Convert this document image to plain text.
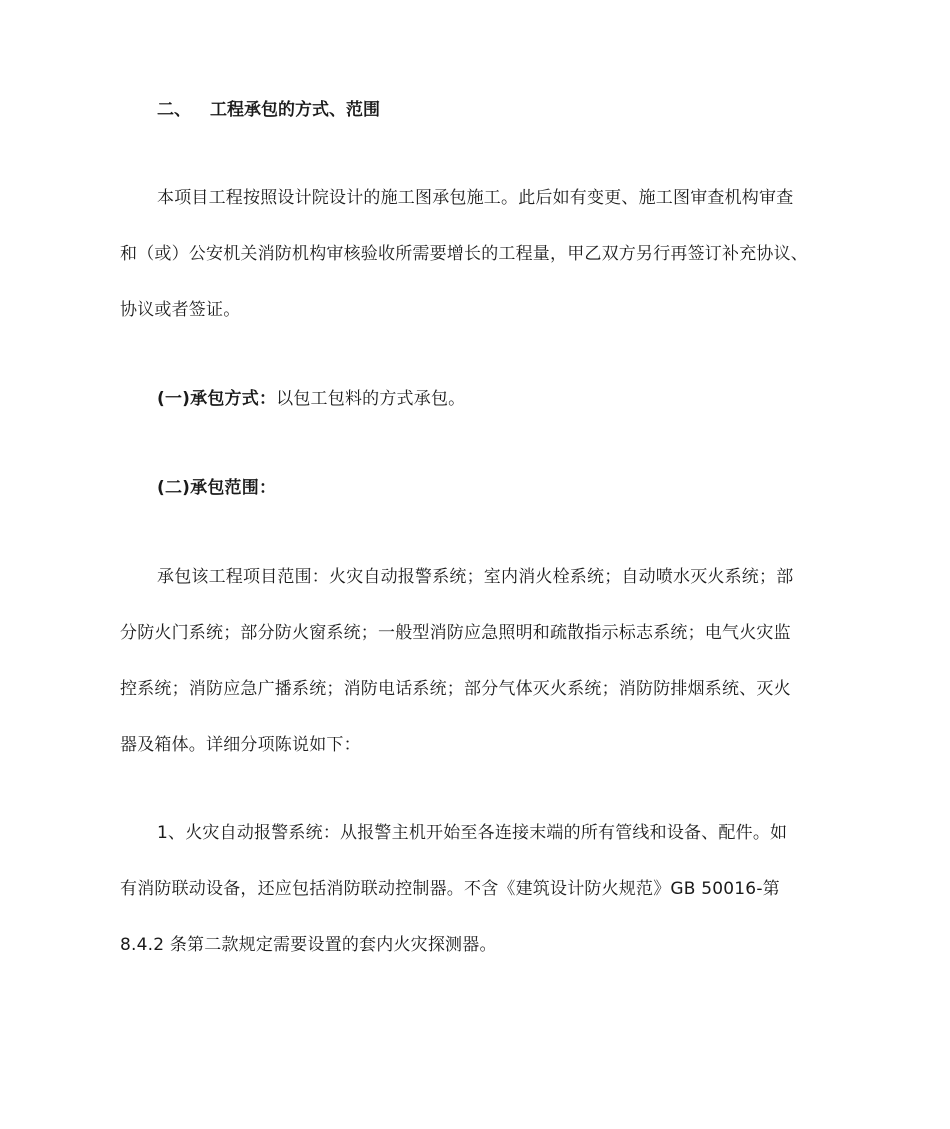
二、 工程承包的方式、范围
本项目工程按照设计院设计的施工图承包施工。此后如有变更、施工图审查机构审查
和（或）公安机关消防机构审核验收所需要增长的工程量，甲乙双方另行再签订补充协议、
协议或者签证。
(一)承包方式：以包工包料的方式承包。
(二)承包范围：
承包该工程项目范围：火灾自动报警系统；室内消火栓系统；自动喷水灭火系统；部
分防火门系统；部分防火窗系统；一般型消防应急照明和疏散指示标志系统；电气火灾监
控系统；消防应急广播系统；消防电话系统；部分气体灭火系统；消防防排烟系统、灭火
器及箱体。详细分项陈说如下：
1、火灾自动报警系统：从报警主机开始至各连接末端的所有管线和设备、配件。如
有消防联动设备，还应包括消防联动控制器。不含《建筑设计防火规范》GB 50016-第
8.4.2 条第二款规定需要设置的套内火灾探测器。
